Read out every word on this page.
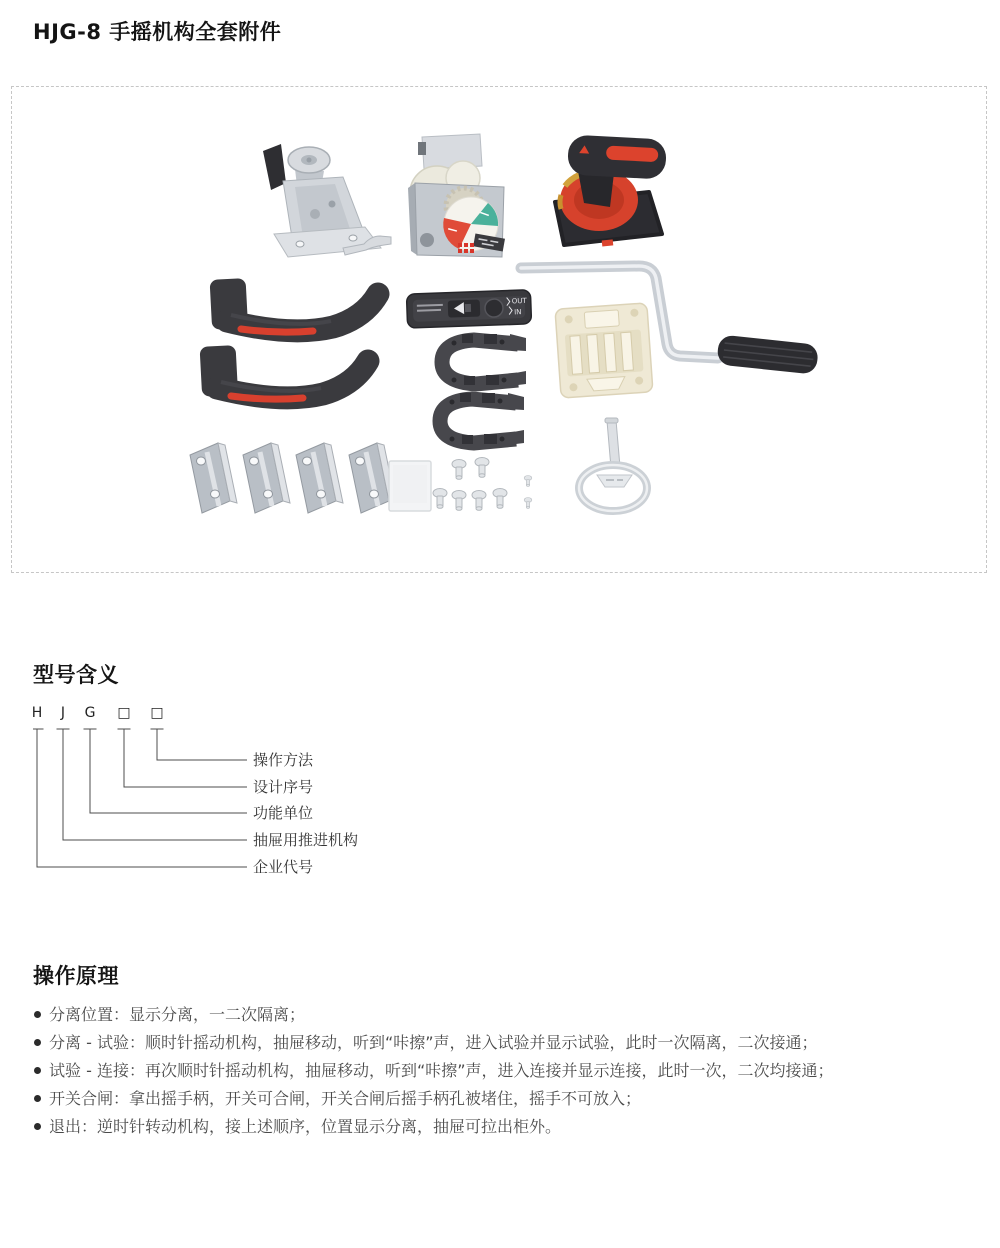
HJG-8 手摇机构全套附件
OUT
IN
型号含义
H J G □ □
操作方法
设计序号
功能单位
抽屉用推进机构
企业代号
操作原理
分离位置：显示分离，一二次隔离；
分离 - 试验：顺时针摇动机构，抽屉移动，听到“咔擦”声，进入试验并显示试验，此时一次隔离，二次接通；
试验 - 连接：再次顺时针摇动机构，抽屉移动，听到“咔擦”声，进入连接并显示连接，此时一次，二次均接通；
开关合闸：拿出摇手柄，开关可合闸，开关合闸后摇手柄孔被堵住，摇手不可放入；
退出：逆时针转动机构，接上述顺序，位置显示分离，抽屉可拉出柜外。
